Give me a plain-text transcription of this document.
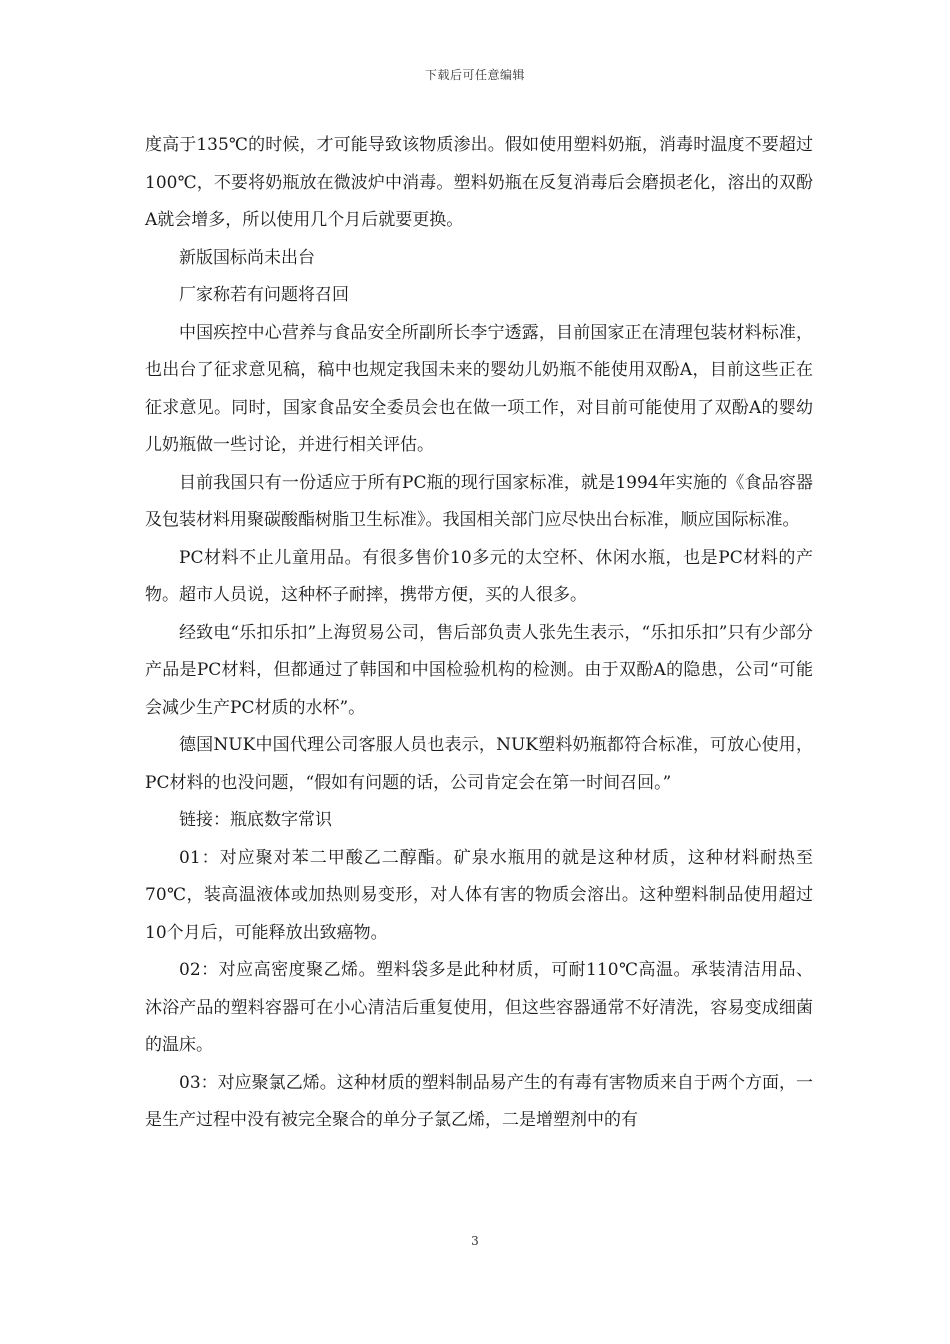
下载后可任意编辑

度高于135℃的时候，才可能导致该物质渗出。假如使用塑料奶瓶，消毒时温度不要超过100℃，不要将奶瓶放在微波炉中消毒。塑料奶瓶在反复消毒后会磨损老化，溶出的双酚A就会增多，所以使用几个月后就要更换。

新版国标尚未出台

厂家称若有问题将召回

中国疾控中心营养与食品安全所副所长李宁透露，目前国家正在清理包装材料标准，也出台了征求意见稿，稿中也规定我国未来的婴幼儿奶瓶不能使用双酚A，目前这些正在征求意见。同时，国家食品安全委员会也在做一项工作，对目前可能使用了双酚A的婴幼儿奶瓶做一些讨论，并进行相关评估。

目前我国只有一份适应于所有PC瓶的现行国家标准，就是1994年实施的《食品容器及包装材料用聚碳酸酯树脂卫生标准》。我国相关部门应尽快出台标准，顺应国际标准。

PC材料不止儿童用品。有很多售价10多元的太空杯、休闲水瓶，也是PC材料的产物。超市人员说，这种杯子耐摔，携带方便，买的人很多。

经致电“乐扣乐扣”上海贸易公司，售后部负责人张先生表示，“乐扣乐扣”只有少部分产品是PC材料，但都通过了韩国和中国检验机构的检测。由于双酚A的隐患，公司“可能会减少生产PC材质的水杯”。

德国NUK中国代理公司客服人员也表示，NUK塑料奶瓶都符合标准，可放心使用，PC材料的也没问题，“假如有问题的话，公司肯定会在第一时间召回。”

链接：瓶底数字常识

01：对应聚对苯二甲酸乙二醇酯。矿泉水瓶用的就是这种材质，这种材料耐热至70℃，装高温液体或加热则易变形，对人体有害的物质会溶出。这种塑料制品使用超过10个月后，可能释放出致癌物。

02：对应高密度聚乙烯。塑料袋多是此种材质，可耐110℃高温。承装清洁用品、沐浴产品的塑料容器可在小心清洁后重复使用，但这些容器通常不好清洗，容易变成细菌的温床。

03：对应聚氯乙烯。这种材质的塑料制品易产生的有毒有害物质来自于两个方面，一是生产过程中没有被完全聚合的单分子氯乙烯，二是增塑剂中的有

3
